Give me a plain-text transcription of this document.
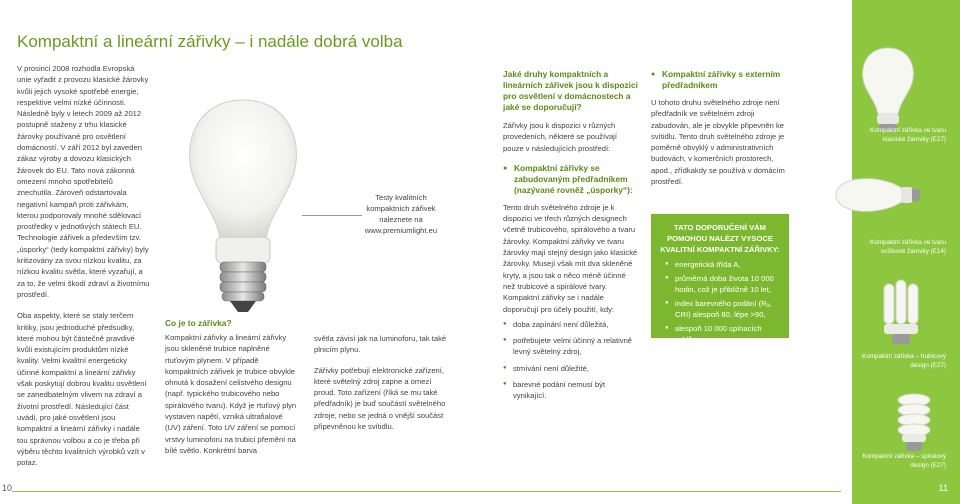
Kompaktní a lineární zářivky – i nadále dobrá volba

V prosinci 2008 rozhodla Evropská unie vyřadit z provozu klasické žárovky kvůli jejich vysoké spotřebě energie, respektive velmi nízké účinnosti. Následně byly v letech 2009 až 2012 postupně staženy z trhu klasické žárovky používané pro osvětlení domácností. V září 2012 byl zaveden zákaz výroby a dovozu klasických žárovek do EU. Tato nová zákonná omezení mnoho spotřebitelů znechutila. Zároveň odstartovala negativní kampaň proti zářivkám, kterou podporovaly mnohé sdělovací prostředky v jednotlivých státech EU. Technologie zářivek a především tzv. „úsporky“ (tedy kompaktní zářivky) byly kritizovány za svou nízkou kvalitu, za nízkou kvalitu světla, které vyzařují, a za to, že velmi škodí zdraví a životnímu prostředí.

Oba aspekty, které se staly terčem kritiky, jsou jednoduché předsudky, které mohou být částečně pravdivé kvůli existujícím produktům nízké kvality. Velmi kvalitní energeticky účinné kompaktní a lineární zářivky však poskytují dobrou kvalitu osvětlení se zanedbatelným vlivem na zdraví a životní prostředí. Následující část uvádí, pro jaké osvětlení jsou kompaktní a lineární zářivky i nadále tou správnou volbou a co je třeba při výběru těchto kvalitních výrobků vzít v potaz.

Testy kvalitních kompaktních zářivek naleznete na www.premiumlight.eu

Co je to zářivka?

Kompaktní zářivky a lineární zářivky jsou skleněné trubice naplněné rtuťovým plynem. V případě kompaktních zářivek je trubice obvykle ohnutá k dosažení celistvého designu (např. typického trubicového nebo spirálového tvaru). Když je rtuťový plyn vystaven napětí, vzniká ultrafialové (UV) záření. Toto UV záření se pomocí vrstvy luminoforu na trubici přemění na bílé světlo. Konkrétní barva

světla závisí jak na luminoforu, tak také plnicím plynu.

Zářivky potřebují elektronické zařízení, které světelný zdroj zapne a omezí proud. Toto zařízení (říká se mu také předřadník) je buď součástí světelného zdroje, nebo se jedná o vnější součást připevněnou ke svítidlu.

Jaké druhy kompaktních a lineárních zářivek jsou k dispozici pro osvětlení v domácnostech a jaké se doporučují?

Zářivky jsou k dispozici v různých provedeních, některé se používají pouze v následujících prostředí:

● Kompaktní zářivky se zabudovaným předřadníkem (nazývané rovněž „úsporky“):

Tento druh světelného zdroje je k dispozici ve třech různých designech včetně trubicového, spirálového a tvaru žárovky. Kompaktní zářivky ve tvaru žárovky mají stejný design jako klasické žárovky. Musejí však mít dva skleněné kryty, a jsou tak o něco méně účinné než trubicové a spirálové tvary. Kompaktní zářivky se i nadále doporučují pro účely použití, kdy:

● doba zapínání není důležitá,
● potřebujete velmi účinný a relativně levný světelný zdroj,
● stmívání není důležité,
● barevné podání nemusí být vynikající.

● Kompaktní zářivky s externím předřadníkem

U tohoto druhu světelného zdroje není předřadník ve světelném zdroji zabudován, ale je obvykle připevněn ke svítidlu. Tento druh světelného zdroje je poměrně obvyklý v administrativních budovách, v komerčních prostorech, apod., zřídkakdy se používá v domácím prostředí.

TATO DOPORUČENÍ VÁM POMOHOU NALÉZT VYSOCE KVALITNÍ KOMPAKTNÍ ZÁŘIVKY:

● energetická třída A,
● průměrná doba života 10 000 hodin, což je přibližně 10 let,
● index barevného podání (Rₐ, CRI) alespoň 80, lépe >90,
● alespoň 10 000 spínacích cyklů.
Kompaktní zářivka ve tvaru klasické žárovky (E27)
Kompaktní zářivka ve tvaru svíčkové žárovky (E14)
Kompaktní zářivka – trubicový design (E27)
Kompaktní zářivka – spirálový design (E27)
10	11
